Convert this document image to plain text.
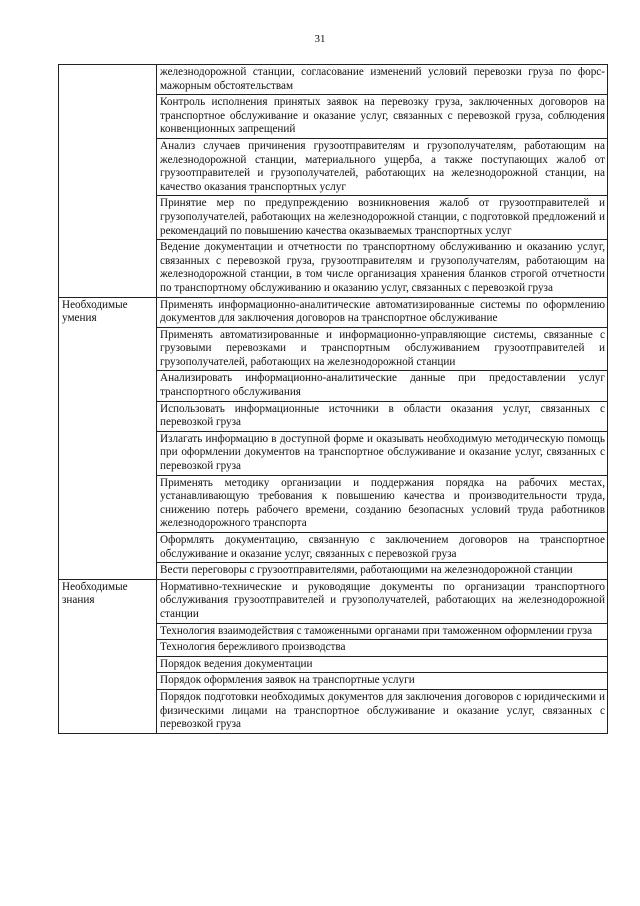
31
	железнодорожной станции, согласование изменений условий перевозки груза по форс-мажорным обстоятельствам
	Контроль исполнения принятых заявок на перевозку груза, заключенных договоров на транспортное обслуживание и оказание услуг, связанных с перевозкой груза, соблюдения конвенционных запрещений
	Анализ случаев причинения грузоотправителям и грузополучателям, работающим на железнодорожной станции, материального ущерба, а также поступающих жалоб от грузоотправителей и грузополучателей, работающих на железнодорожной станции, на качество оказания транспортных услуг
	Принятие мер по предупреждению возникновения жалоб от грузоотправителей и грузополучателей, работающих на железнодорожной станции, с подготовкой предложений и рекомендаций по повышению качества оказываемых транспортных услуг
	Ведение документации и отчетности по транспортному обслуживанию и оказанию услуг, связанных с перевозкой груза, грузоотправителям и грузополучателям, работающим на железнодорожной станции, в том числе организация хранения бланков строгой отчетности по транспортному обслуживанию и оказанию услуг, связанных с перевозкой груза
Необходимые умения	Применять информационно-аналитические автоматизированные системы по оформлению документов для заключения договоров на транспортное обслуживание
	Применять автоматизированные и информационно-управляющие системы, связанные с грузовыми перевозками и транспортным обслуживанием грузоотправителей и грузополучателей, работающих на железнодорожной станции
	Анализировать информационно-аналитические данные при предоставлении услуг транспортного обслуживания
	Использовать информационные источники в области оказания услуг, связанных с перевозкой груза
	Излагать информацию в доступной форме и оказывать необходимую методическую помощь при оформлении документов на транспортное обслуживание и оказание услуг, связанных с перевозкой груза
	Применять методику организации и поддержания порядка на рабочих местах, устанавливающую требования к повышению качества и производительности труда, снижению потерь рабочего времени, созданию безопасных условий труда работников железнодорожного транспорта
	Оформлять документацию, связанную с заключением договоров на транспортное обслуживание и оказание услуг, связанных с перевозкой груза
	Вести переговоры с грузоотправителями, работающими на железнодорожной станции
Необходимые знания	Нормативно-технические и руководящие документы по организации транспортного обслуживания грузоотправителей и грузополучателей, работающих на железнодорожной станции
	Технология взаимодействия с таможенными органами при таможенном оформлении груза
	Технология бережливого производства
	Порядок ведения документации
	Порядок оформления заявок на транспортные услуги
	Порядок подготовки необходимых документов для заключения договоров с юридическими и физическими лицами на транспортное обслуживание и оказание услуг, связанных с перевозкой груза
